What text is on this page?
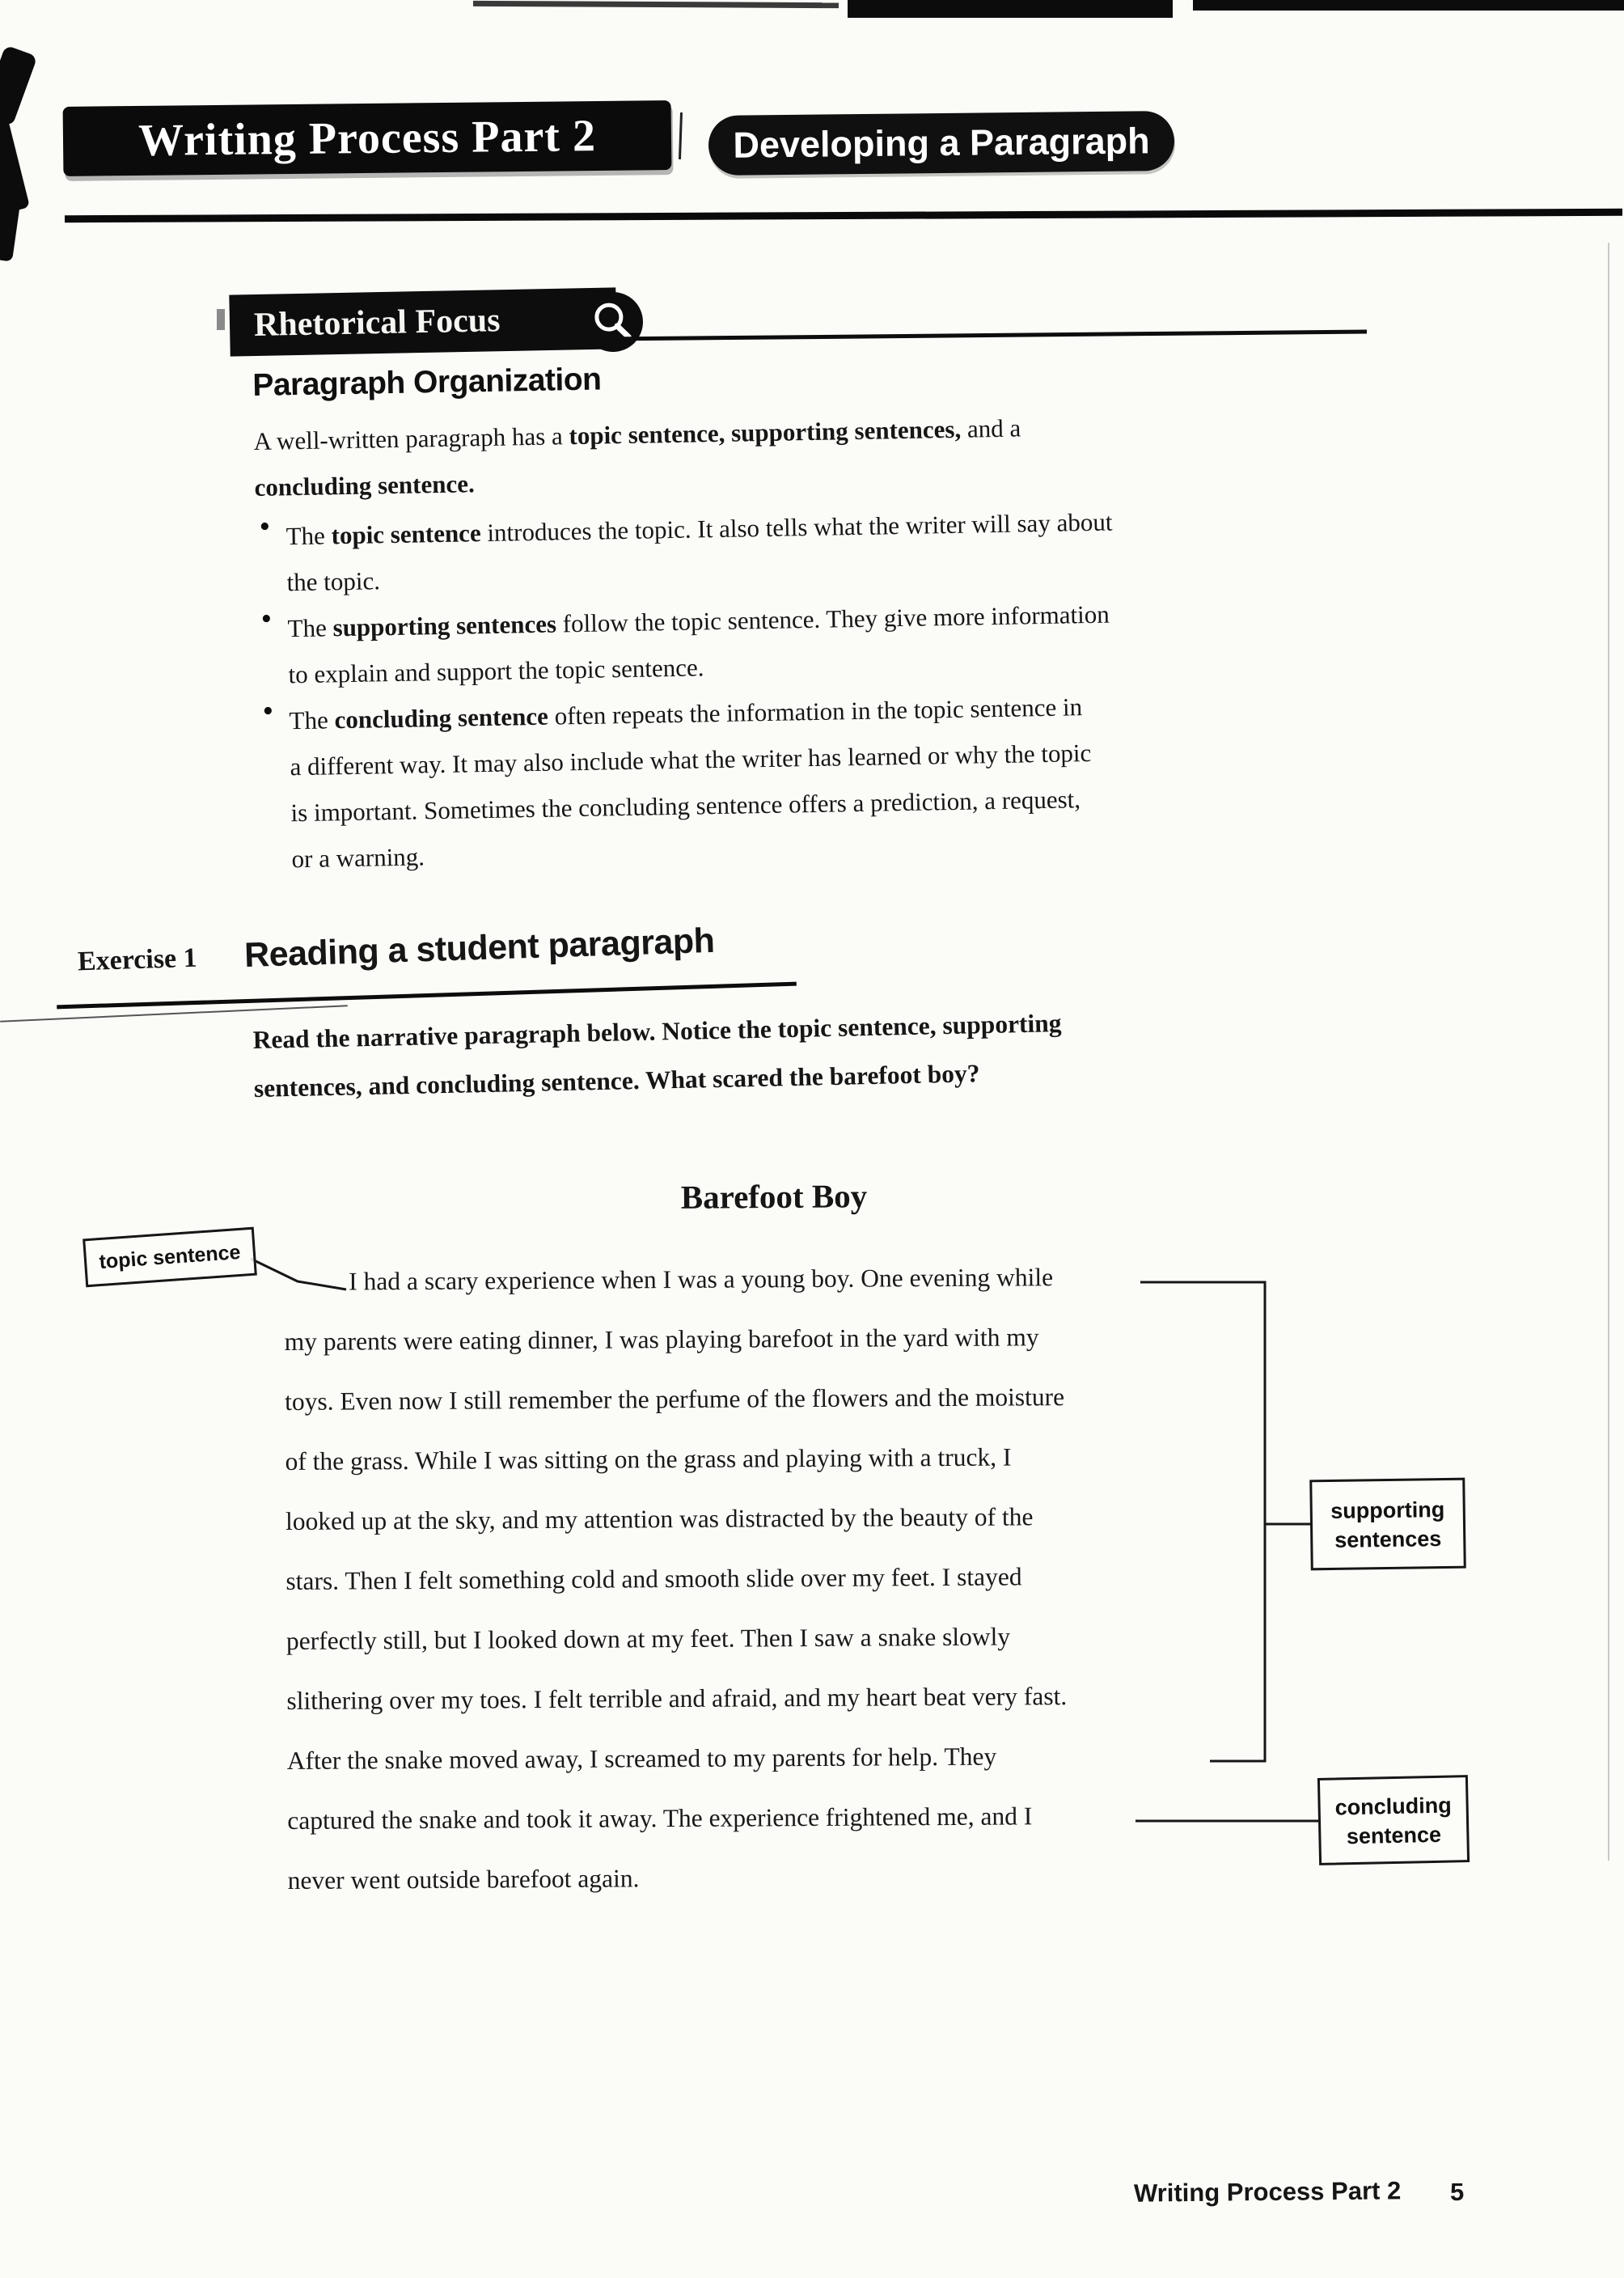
Writing Process Part 2	Developing a Paragraph
Rhetorical Focus
Paragraph Organization

A well-written paragraph has a topic sentence, supporting sentences, and a
concluding sentence.

• The topic sentence introduces the topic. It also tells what the writer will say about
the topic.
• The supporting sentences follow the topic sentence. They give more information
to explain and support the topic sentence.
• The concluding sentence often repeats the information in the topic sentence in
a different way. It may also include what the writer has learned or why the topic
is important. Sometimes the concluding sentence offers a prediction, a request,
or a warning.
Exercise 1 Reading a student paragraph
Read the narrative paragraph below. Notice the topic sentence, supporting
sentences, and concluding sentence. What scared the barefoot boy?
Barefoot Boy
I had a scary experience when I was a young boy. One evening while
my parents were eating dinner, I was playing barefoot in the yard with my
toys. Even now I still remember the perfume of the flowers and the moisture
of the grass. While I was sitting on the grass and playing with a truck, I
looked up at the sky, and my attention was distracted by the beauty of the
stars. Then I felt something cold and smooth slide over my feet. I stayed
perfectly still, but I looked down at my feet. Then I saw a snake slowly
slithering over my toes. I felt terrible and afraid, and my heart beat very fast.
After the snake moved away, I screamed to my parents for help. They
captured the snake and took it away. The experience frightened me, and I
never went outside barefoot again.
topic sentence
supporting sentences
concluding sentence
Writing Process Part 2 5
